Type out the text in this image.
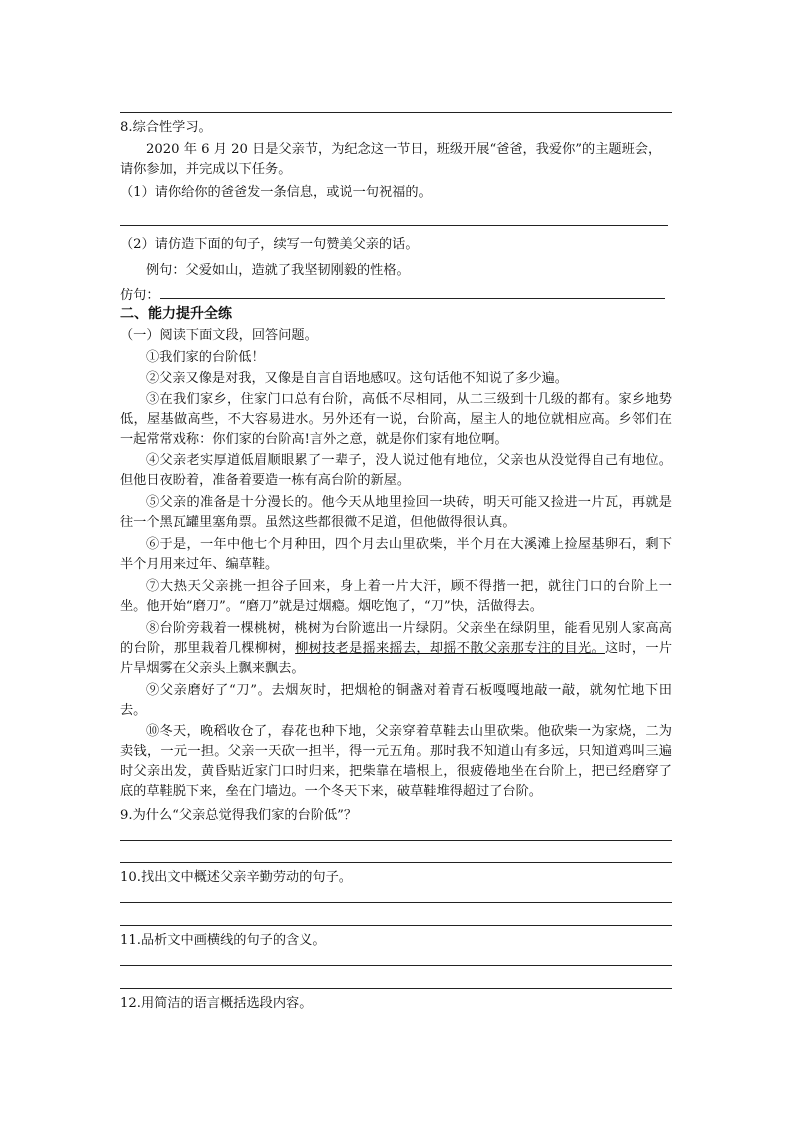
8.综合性学习。
2020 年 6 月 20 日是父亲节，为纪念这一节日，班级开展“爸爸，我爱你”的主题班会，
请你参加，并完成以下任务。
（1）请你给你的爸爸发一条信息，或说一句祝福的。
（2）请仿造下面的句子，续写一句赞美父亲的话。
例句：父爱如山，造就了我坚韧刚毅的性格。
仿句：
二、能力提升全练
（一）阅读下面文段，回答问题。
①我们家的台阶低！
②父亲又像是对我，又像是自言自语地感叹。这句话他不知说了多少遍。
③在我们家乡，住家门口总有台阶，高低不尽相同，从二三级到十几级的都有。家乡地势低，屋基做高些，不大容易进水。另外还有一说，台阶高，屋主人的地位就相应高。乡邻们在一起常常戏称：你们家的台阶高!言外之意，就是你们家有地位啊。
④父亲老实厚道低眉顺眼累了一辈子，没人说过他有地位，父亲也从没觉得自己有地位。但他日夜盼着，准备着要造一栋有高台阶的新屋。
⑤父亲的准备是十分漫长的。他今天从地里捡回一块砖，明天可能又捡进一片瓦，再就是往一个黑瓦罐里塞角票。虽然这些都很微不足道，但他做得很认真。
⑥于是，一年中他七个月种田，四个月去山里砍柴，半个月在大溪滩上捡屋基卵石，剩下半个月用来过年、编草鞋。
⑦大热天父亲挑一担谷子回来，身上着一片大汗，顾不得揩一把，就往门口的台阶上一坐。他开始“磨刀”。“磨刀”就是过烟瘾。烟吃饱了，“刀”快，活做得去。
⑧台阶旁栽着一棵桃树，桃树为台阶遮出一片绿阴。父亲坐在绿阴里，能看见别人家高高的台阶，那里栽着几棵柳树，柳树技老是摇来摇去，却摇不散父亲那专注的目光。这时，一片片旱烟雾在父亲头上飘来飘去。
⑨父亲磨好了“刀”。去烟灰时，把烟枪的铜盏对着青石板嘎嘎地敲一敲，就匆忙地下田去。
⑩冬天，晚稻收仓了，春花也种下地，父亲穿着草鞋去山里砍柴。他砍柴一为家烧，二为卖钱，一元一担。父亲一天砍一担半，得一元五角。那时我不知道山有多远，只知道鸡叫三遍时父亲出发，黄昏贴近家门口时归来，把柴靠在墙根上，很疲倦地坐在台阶上，把已经磨穿了底的草鞋脱下来，垒在门墙边。一个冬天下来，破草鞋堆得超过了台阶。
9.为什么“父亲总觉得我们家的台阶低”？
10.找出文中概述父亲辛勤劳动的句子。
11.品析文中画横线的句子的含义。
12.用简洁的语言概括选段内容。
